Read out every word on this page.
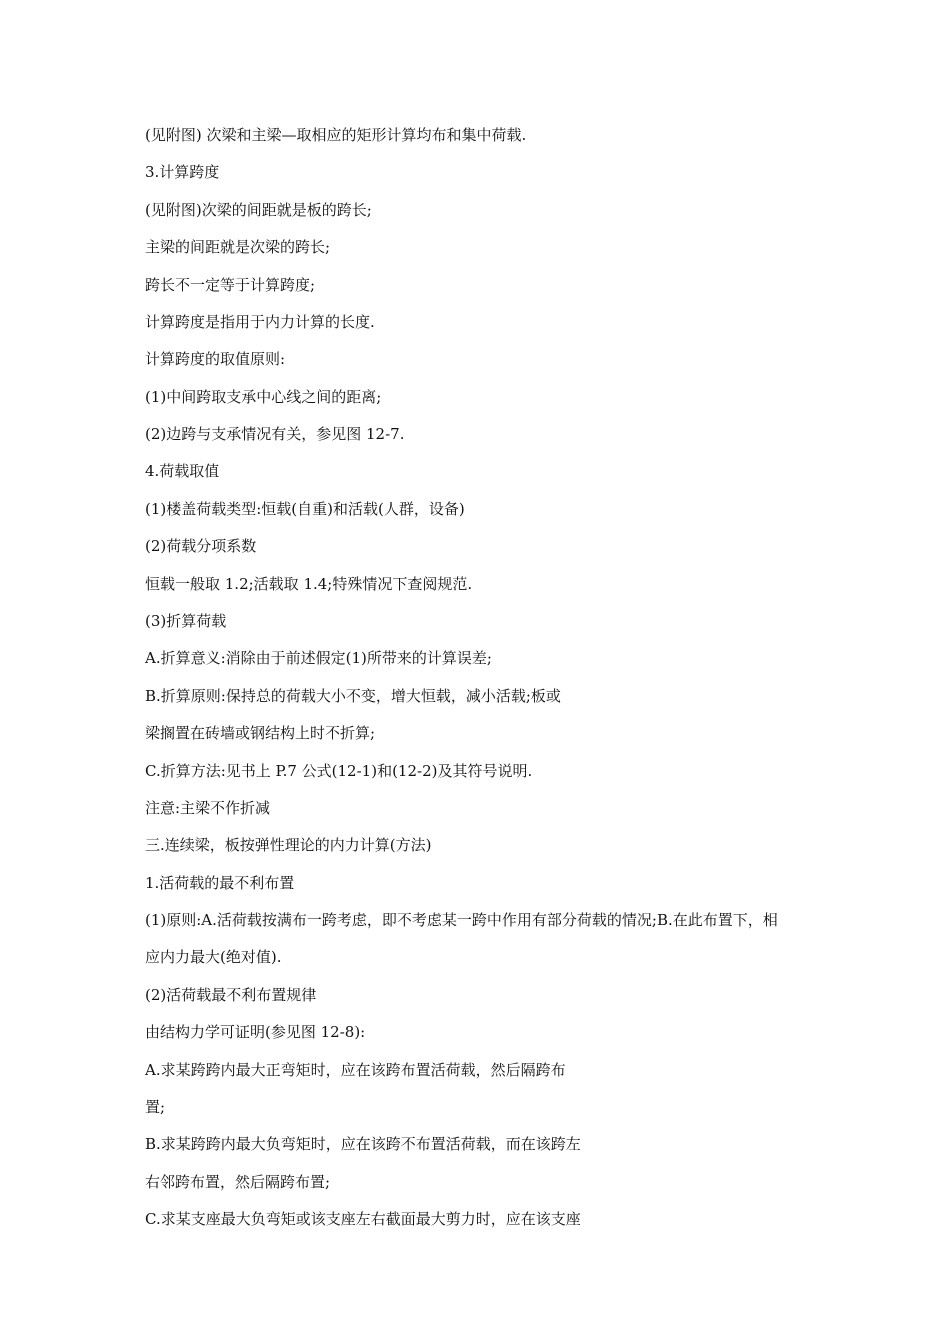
(见附图) 次梁和主梁—取相应的矩形计算均布和集中荷载.

3.计算跨度

(见附图)次梁的间距就是板的跨长;

主梁的间距就是次梁的跨长;

跨长不一定等于计算跨度;

计算跨度是指用于内力计算的长度.

计算跨度的取值原则:

(1)中间跨取支承中心线之间的距离;

(2)边跨与支承情况有关，参见图 12-7.

4.荷载取值

(1)楼盖荷载类型:恒载(自重)和活载(人群，设备)

(2)荷载分项系数

恒载一般取 1.2;活载取 1.4;特殊情况下查阅规范.

(3)折算荷载

A.折算意义:消除由于前述假定(1)所带来的计算误差;

B.折算原则:保持总的荷载大小不变，增大恒载，减小活载;板或

梁搁置在砖墙或钢结构上时不折算;

C.折算方法:见书上 P.7 公式(12-1)和(12-2)及其符号说明.

注意:主梁不作折减

三.连续梁，板按弹性理论的内力计算(方法)

1.活荷载的最不利布置

(1)原则:A.活荷载按满布一跨考虑，即不考虑某一跨中作用有部分荷载的情况;B.在此布置下，相

应内力最大(绝对值).

(2)活荷载最不利布置规律

由结构力学可证明(参见图 12-8):

A.求某跨跨内最大正弯矩时，应在该跨布置活荷载，然后隔跨布

置;

B.求某跨跨内最大负弯矩时，应在该跨不布置活荷载，而在该跨左

右邻跨布置，然后隔跨布置;

C.求某支座最大负弯矩或该支座左右截面最大剪力时，应在该支座
